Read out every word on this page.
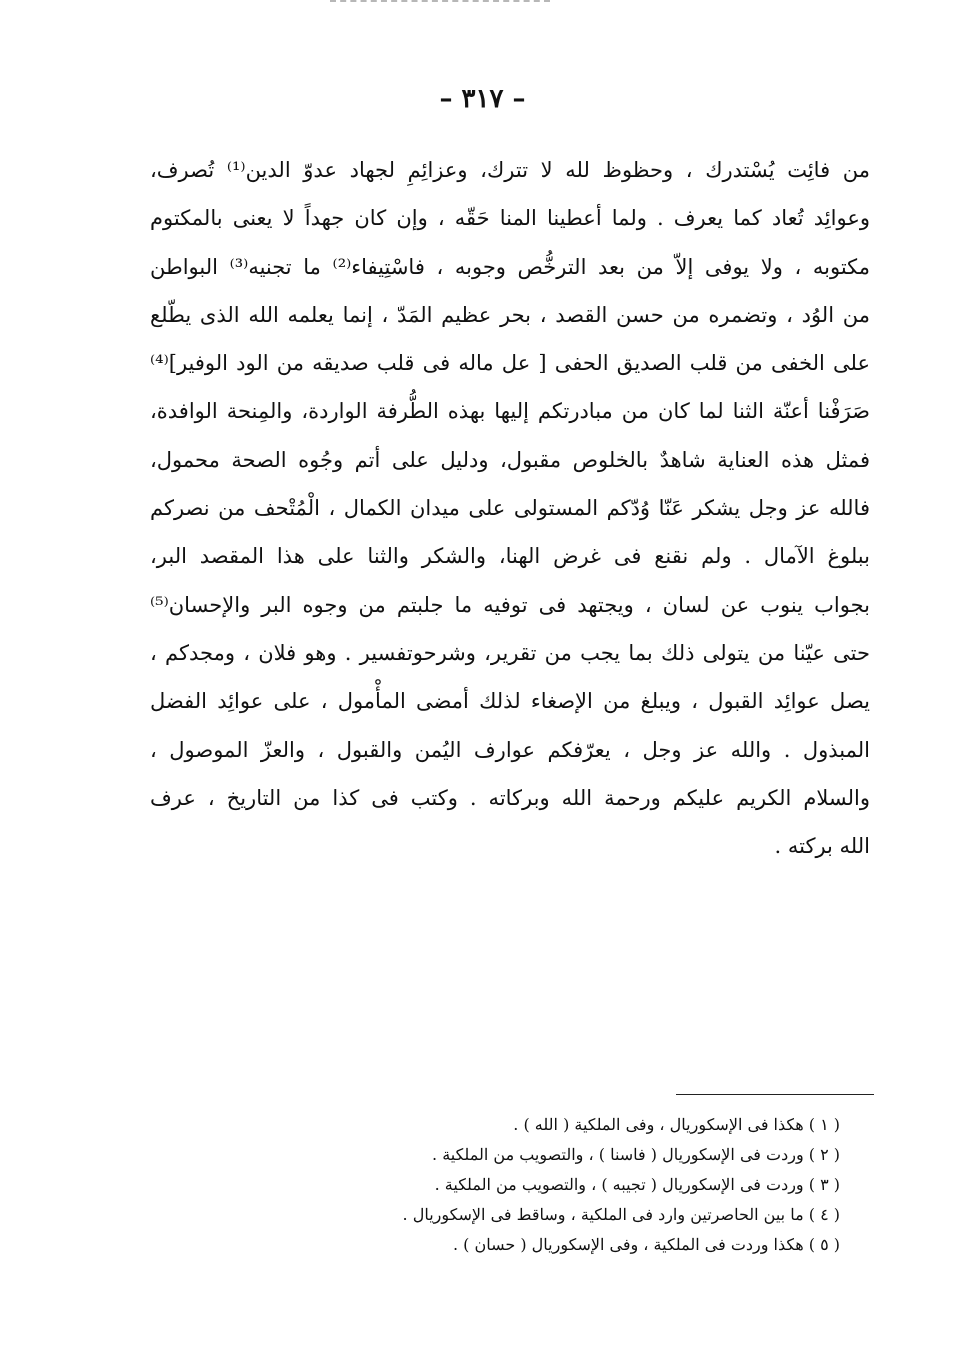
– ٣١٧ –
من فائِت يُسْتدرك ، وحظوظ لله لا تترك، وعزائِمِ لجهاد عدوّ الدين⁽¹⁾ تُصرف،
وعوائِد تُعاد كما يعرف . ولما أعطينا المنا حَقّه ، وإن كان جهداً لا يعنى بالمكتوم
مكتوبه ، ولا يوفى إلاّ من بعد الترخُّص وجوبه ، فاسْتِيفاء⁽²⁾ ما تجنيه⁽³⁾ البواطن
من الوُد ، وتضمره من حسن القصد ، بحر عظيم المَدّ ، إنما يعلمه الله الذى يطّلع
على الخفى من قلب الصديق الحفى [ عل ماله فى قلب صديقه من الود الوفير]⁽⁴⁾
صَرَفْنا أعنّة الثنا لما كان من مبادرتكم إليها بهذه الطُّرفة الواردة، والمِنحة الوافدة،
فمثل هذه العناية شاهدٌ بالخلوص مقبول، ودليل على أتم وجُوه الصحة محمول،
فالله عز وجل يشكر عَنّا وُدّكم المستولى على ميدان الكمال ، الْمُتْحف من نصركم
ببلوغ الآمال . ولم نقنع فى غرض الهنا، والشكر والثنا على هذا المقصد البر،
بجواب ينوب عن لسان ، ويجتهد فى توفيه ما جلبتم من وجوه البر والإحسان⁽⁵⁾
حتى عيّنا من يتولى ذلك بما يجب من تقرير، وشرحوتفسير . وهو فلان ، ومجدكم ،
يصل عوائِد القبول ، ويبلغ من الإصغاء لذلك أمضى المأْمول ، على عوائِد الفضل
المبذول . والله عز وجل ، يعرّفكم عوارف اليُمن والقبول ، والعزّ الموصول ،
والسلام الكريم عليكم ورحمة الله وبركاته . وكتب فى كذا من التاريخ ، عرف
الله بركته .
( ١ ) هكذا فى الإسكوريال ، وفى الملكية ( الله ) .
( ٢ ) وردت فى الإسكوريال ( فاسنا ) ، والتصويب من الملكية .
( ٣ ) وردت فى الإسكوريال ( تجيبه ) ، والتصويب من الملكية .
( ٤ ) ما بين الحاصرتين وارد فى الملكية ، وساقط فى الإسكوريال .
( ٥ ) هكذا وردت فى الملكية ، وفى الإسكوريال ( حسان ) .
